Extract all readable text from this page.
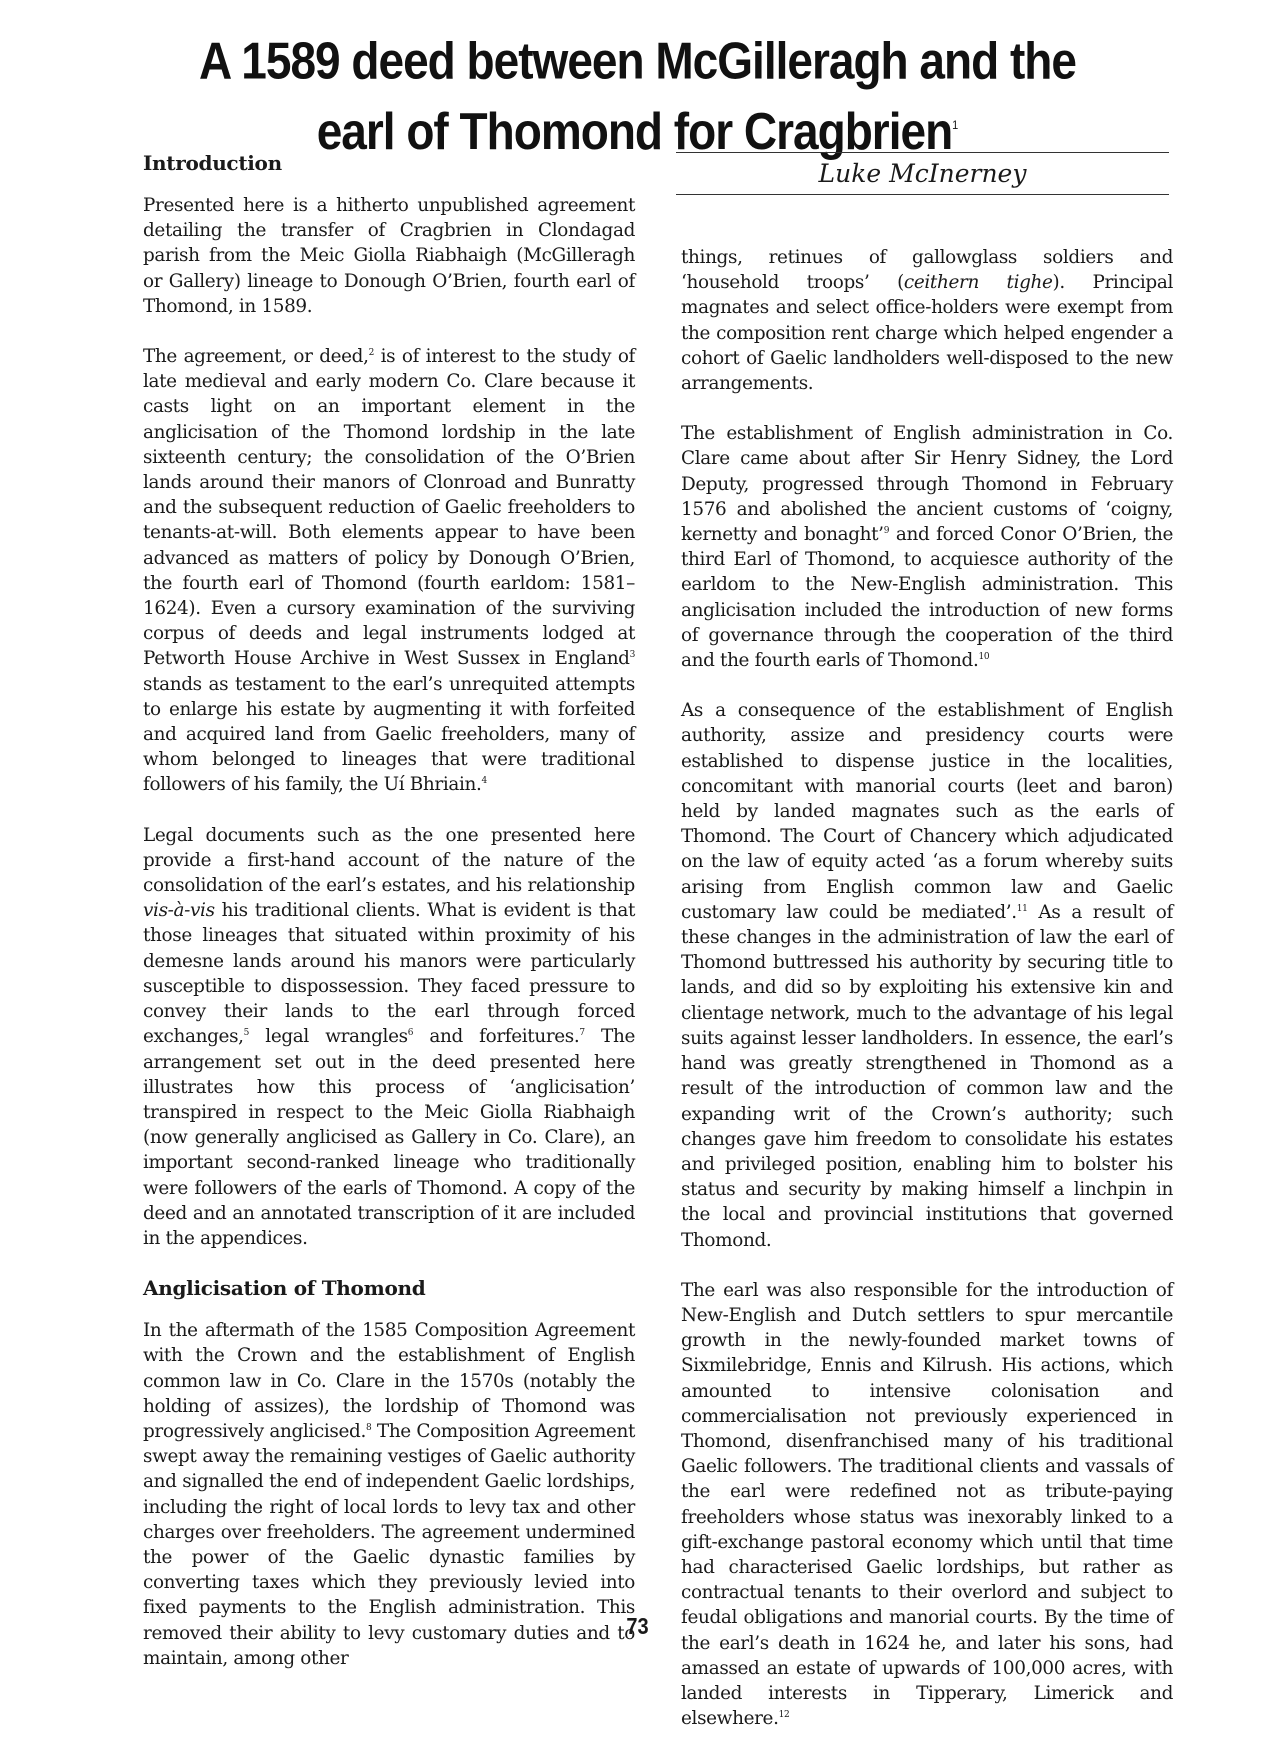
A 1589 deed between McGilleragh and the
earl of Thomond for Cragbrien$^1$
Luke McInerney
Introduction

Presented here is a hitherto unpublished agreement detailing the transfer of Cragbrien in Clondagad parish from the Meic Giolla Riabhaigh (McGilleragh or Gallery) lineage to Donough O’Brien, fourth earl of Thomond, in 1589.

The agreement, or deed,$^2$ is of interest to the study of late medieval and early modern Co. Clare because it casts light on an important element in the anglicisation of the Thomond lordship in the late sixteenth century; the consolidation of the O’Brien lands around their manors of Clonroad and Bunratty and the subsequent reduction of Gaelic freeholders to tenants-at-will. Both elements appear to have been advanced as matters of policy by Donough O’Brien, the fourth earl of Thomond (fourth earldom: 1581–1624). Even a cursory examination of the surviving corpus of deeds and legal instruments lodged at Petworth House Archive in West Sussex in England$^3$ stands as testament to the earl’s unrequited attempts to enlarge his estate by augmenting it with forfeited and acquired land from Gaelic freeholders, many of whom belonged to lineages that were traditional followers of his family, the Uí Bhriain.$^4$

Legal documents such as the one presented here provide a first-hand account of the nature of the consolidation of the earl’s estates, and his relationship vis-à-vis his traditional clients. What is evident is that those lineages that situated within proximity of his demesne lands around his manors were particularly susceptible to dispossession. They faced pressure to convey their lands to the earl through forced exchanges,$^5$ legal wrangles$^6$ and forfeitures.$^7$ The arrangement set out in the deed presented here illustrates how this process of ‘anglicisation’ transpired in respect to the Meic Giolla Riabhaigh (now generally anglicised as Gallery in Co. Clare), an important second-ranked lineage who traditionally were followers of the earls of Thomond. A copy of the deed and an annotated transcription of it are included in the appendices.

Anglicisation of Thomond

In the aftermath of the 1585 Composition Agreement with the Crown and the establishment of English common law in Co. Clare in the 1570s (notably the holding of assizes), the lordship of Thomond was progressively anglicised.$^8$ The Composition Agreement swept away the remaining vestiges of Gaelic authority and signalled the end of independent Gaelic lordships, including the right of local lords to levy tax and other charges over freeholders. The agreement undermined the power of the Gaelic dynastic families by converting taxes which they previously levied into fixed payments to the English administration. This removed their ability to levy customary duties and to maintain, among other

things, retinues of gallowglass soldiers and ‘household troops’ (ceithern tighe). Principal magnates and select office-holders were exempt from the composition rent charge which helped engender a cohort of Gaelic landholders well-disposed to the new arrangements.

The establishment of English administration in Co. Clare came about after Sir Henry Sidney, the Lord Deputy, progressed through Thomond in February 1576 and abolished the ancient customs of ‘coigny, kernetty and bonaght’$^9$ and forced Conor O’Brien, the third Earl of Thomond, to acquiesce authority of the earldom to the New-English administration. This anglicisation included the introduction of new forms of governance through the cooperation of the third and the fourth earls of Thomond.$^{10}$

As a consequence of the establishment of English authority, assize and presidency courts were established to dispense justice in the localities, concomitant with manorial courts (leet and baron) held by landed magnates such as the earls of Thomond. The Court of Chancery which adjudicated on the law of equity acted ‘as a forum whereby suits arising from English common law and Gaelic customary law could be mediated’.$^{11}$ As a result of these changes in the administration of law the earl of Thomond buttressed his authority by securing title to lands, and did so by exploiting his extensive kin and clientage network, much to the advantage of his legal suits against lesser landholders. In essence, the earl’s hand was greatly strengthened in Thomond as a result of the introduction of common law and the expanding writ of the Crown’s authority; such changes gave him freedom to consolidate his estates and privileged position, enabling him to bolster his status and security by making himself a linchpin in the local and provincial institutions that governed Thomond.

The earl was also responsible for the introduction of New-English and Dutch settlers to spur mercantile growth in the newly-founded market towns of Sixmilebridge, Ennis and Kilrush. His actions, which amounted to intensive colonisation and commercialisation not previously experienced in Thomond, disenfranchised many of his traditional Gaelic followers. The traditional clients and vassals of the earl were redefined not as tribute-paying freeholders whose status was inexorably linked to a gift-exchange pastoral economy which until that time had characterised Gaelic lordships, but rather as contractual tenants to their overlord and subject to feudal obligations and manorial courts. By the time of the earl’s death in 1624 he, and later his sons, had amassed an estate of upwards of 100,000 acres, with landed interests in Tipperary, Limerick and elsewhere.$^{12}$

73
